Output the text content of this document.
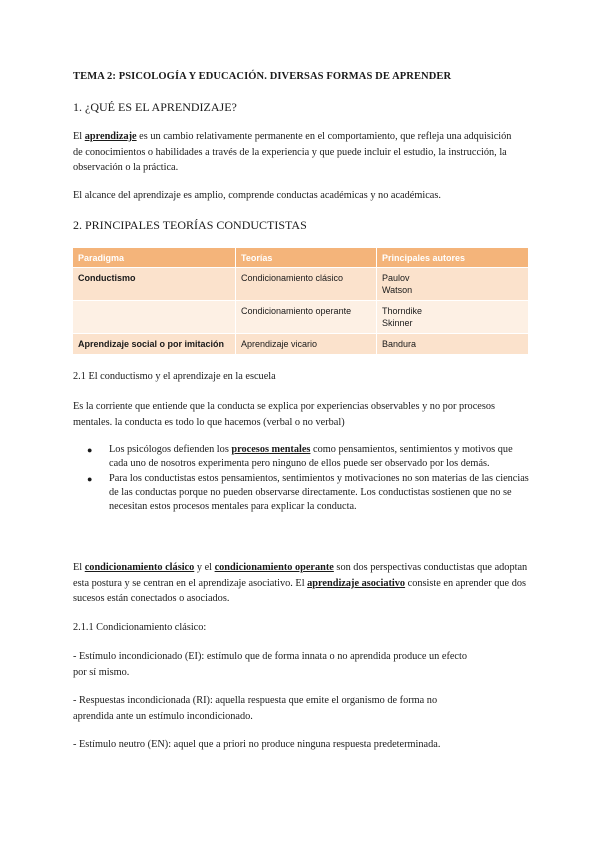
TEMA 2: PSICOLOGÍA Y EDUCACIÓN. DIVERSAS FORMAS DE APRENDER
1. ¿QUÉ ES EL APRENDIZAJE?
El aprendizaje es un cambio relativamente permanente en el comportamiento, que refleja una adquisición de conocimientos o habilidades a través de la experiencia y que puede incluir el estudio, la instrucción, la observación o la práctica.
El alcance del aprendizaje es amplio, comprende conductas académicas y no académicas.
2. PRINCIPALES TEORÍAS CONDUCTISTAS
Paradigma	Teorías	Principales autores
Conductismo	Condicionamiento clásico	Paulov
Watson

	Condicionamiento operante	Thorndike
Skinner

Aprendizaje social o por imitación	Aprendizaje vicario	Bandura
2.1 El conductismo y el aprendizaje en la escuela
Es la corriente que entiende que la conducta se explica por experiencias observables y no por procesos mentales. la conducta es todo lo que hacemos (verbal o no verbal)
● Los psicólogos defienden los procesos mentales como pensamientos, sentimientos y motivos que cada uno de nosotros experimenta pero ninguno de ellos puede ser observado por los demás.
● Para los conductistas estos pensamientos, sentimientos y motivaciones no son materias de las ciencias de las conductas porque no pueden observarse directamente. Los conductistas sostienen que no se necesitan estos procesos mentales para explicar la conducta.
El condicionamiento clásico y el condicionamiento operante son dos perspectivas conductistas que adoptan esta postura y se centran en el aprendizaje asociativo. El aprendizaje asociativo consiste en aprender que dos sucesos están conectados o asociados.
2.1.1 Condicionamiento clásico:
- Estímulo incondicionado (EI): estímulo que de forma innata o no aprendida produce un efecto por sí mismo.
- Respuestas incondicionada (RI): aquella respuesta que emite el organismo de forma no aprendida ante un estímulo incondicionado.
- Estímulo neutro (EN): aquel que a priori no produce ninguna respuesta predeterminada.
